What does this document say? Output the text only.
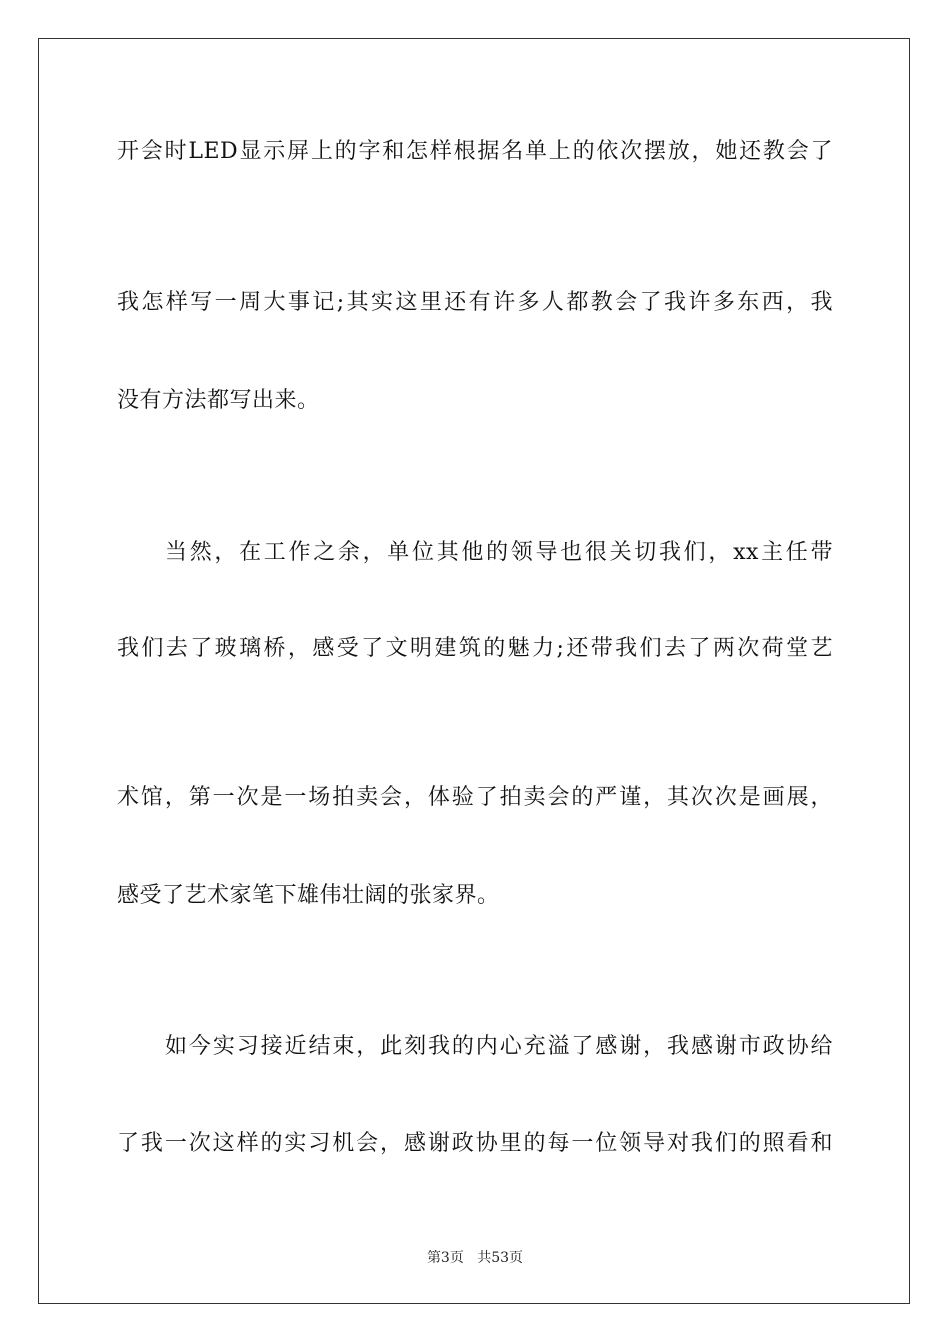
开会时LED显示屏上的字和怎样根据名单上的依次摆放，她还教会了
我怎样写一周大事记;其实这里还有许多人都教会了我许多东西，我
没有方法都写出来。
当然，在工作之余，单位其他的领导也很关切我们，xx主任带
我们去了玻璃桥，感受了文明建筑的魅力;还带我们去了两次荷堂艺
术馆，第一次是一场拍卖会，体验了拍卖会的严谨，其次次是画展，
感受了艺术家笔下雄伟壮阔的张家界。
如今实习接近结束，此刻我的内心充溢了感谢，我感谢市政协给
了我一次这样的实习机会，感谢政协里的每一位领导对我们的照看和
第3页 共53页
